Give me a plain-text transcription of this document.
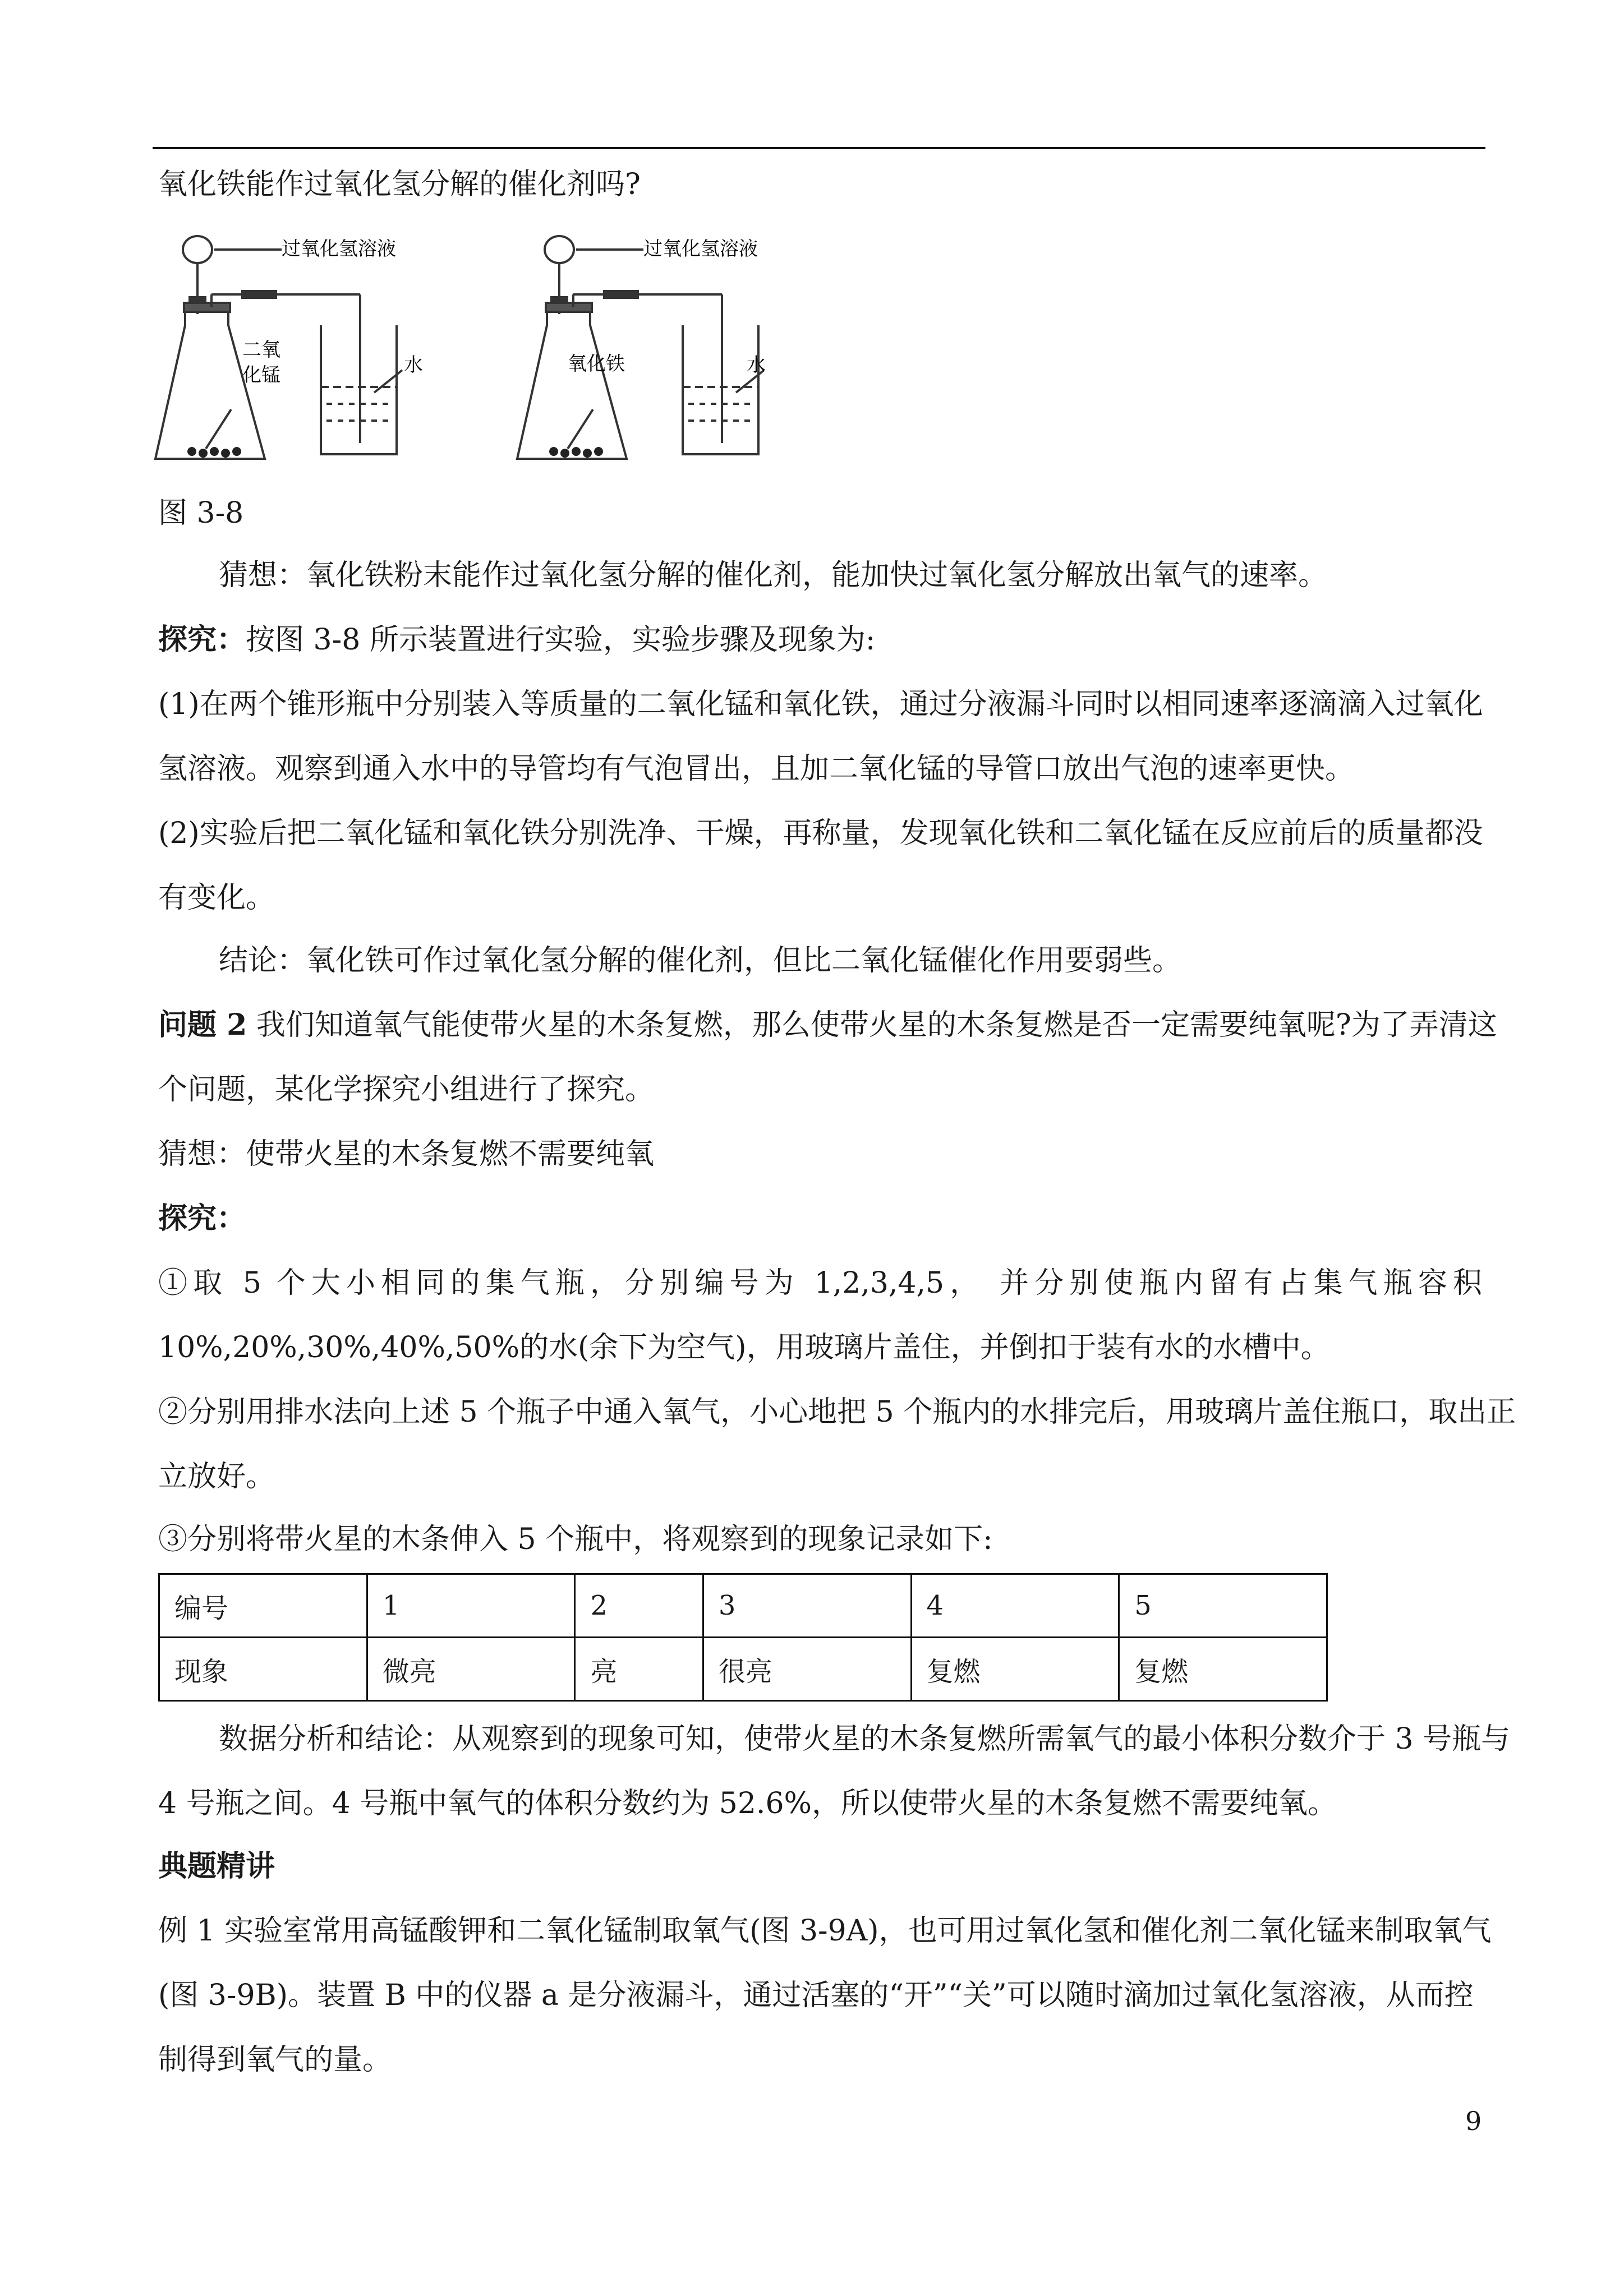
氧化铁能作过氧化氢分解的催化剂吗?
过氧化氢溶液
二氧
化锰	水
过氧化氢溶液
氧化铁	水
图 3-8
猜想：氧化铁粉末能作过氧化氢分解的催化剂，能加快过氧化氢分解放出氧气的速率。
探究：按图 3-8 所示装置进行实验，实验步骤及现象为:
(1)在两个锥形瓶中分别装入等质量的二氧化锰和氧化铁，通过分液漏斗同时以相同速率逐滴滴入过氧化
氢溶液。观察到通入水中的导管均有气泡冒出，且加二氧化锰的导管口放出气泡的速率更快。
(2)实验后把二氧化锰和氧化铁分别洗净、干燥，再称量，发现氧化铁和二氧化锰在反应前后的质量都没
有变化。
结论：氧化铁可作过氧化氢分解的催化剂，但比二氧化锰催化作用要弱些。
问题 2 我们知道氧气能使带火星的木条复燃，那么使带火星的木条复燃是否一定需要纯氧呢?为了弄清这
个问题，某化学探究小组进行了探究。
猜想：使带火星的木条复燃不需要纯氧
探究：
①取 5 个大小相同的集气瓶，分别编号为 1,2,3,4,5， 并分别使瓶内留有占集气瓶容积
10%,20%,30%,40%,50%的水(余下为空气)，用玻璃片盖住，并倒扣于装有水的水槽中。
②分别用排水法向上述 5 个瓶子中通入氧气，小心地把 5 个瓶内的水排完后，用玻璃片盖住瓶口，取出正
立放好。
③分别将带火星的木条伸入 5 个瓶中，将观察到的现象记录如下:
编号	1	2	3	4	5
现象	微亮	亮	很亮	复燃	复燃
数据分析和结论：从观察到的现象可知，使带火星的木条复燃所需氧气的最小体积分数介于 3 号瓶与
4 号瓶之间。4 号瓶中氧气的体积分数约为 52.6%，所以使带火星的木条复燃不需要纯氧。
典题精讲
例 1 实验室常用高锰酸钾和二氧化锰制取氧气(图 3-9A)，也可用过氧化氢和催化剂二氧化锰来制取氧气
(图 3-9B)。装置 B 中的仪器 a 是分液漏斗，通过活塞的“开”“关”可以随时滴加过氧化氢溶液，从而控
制得到氧气的量。
9
